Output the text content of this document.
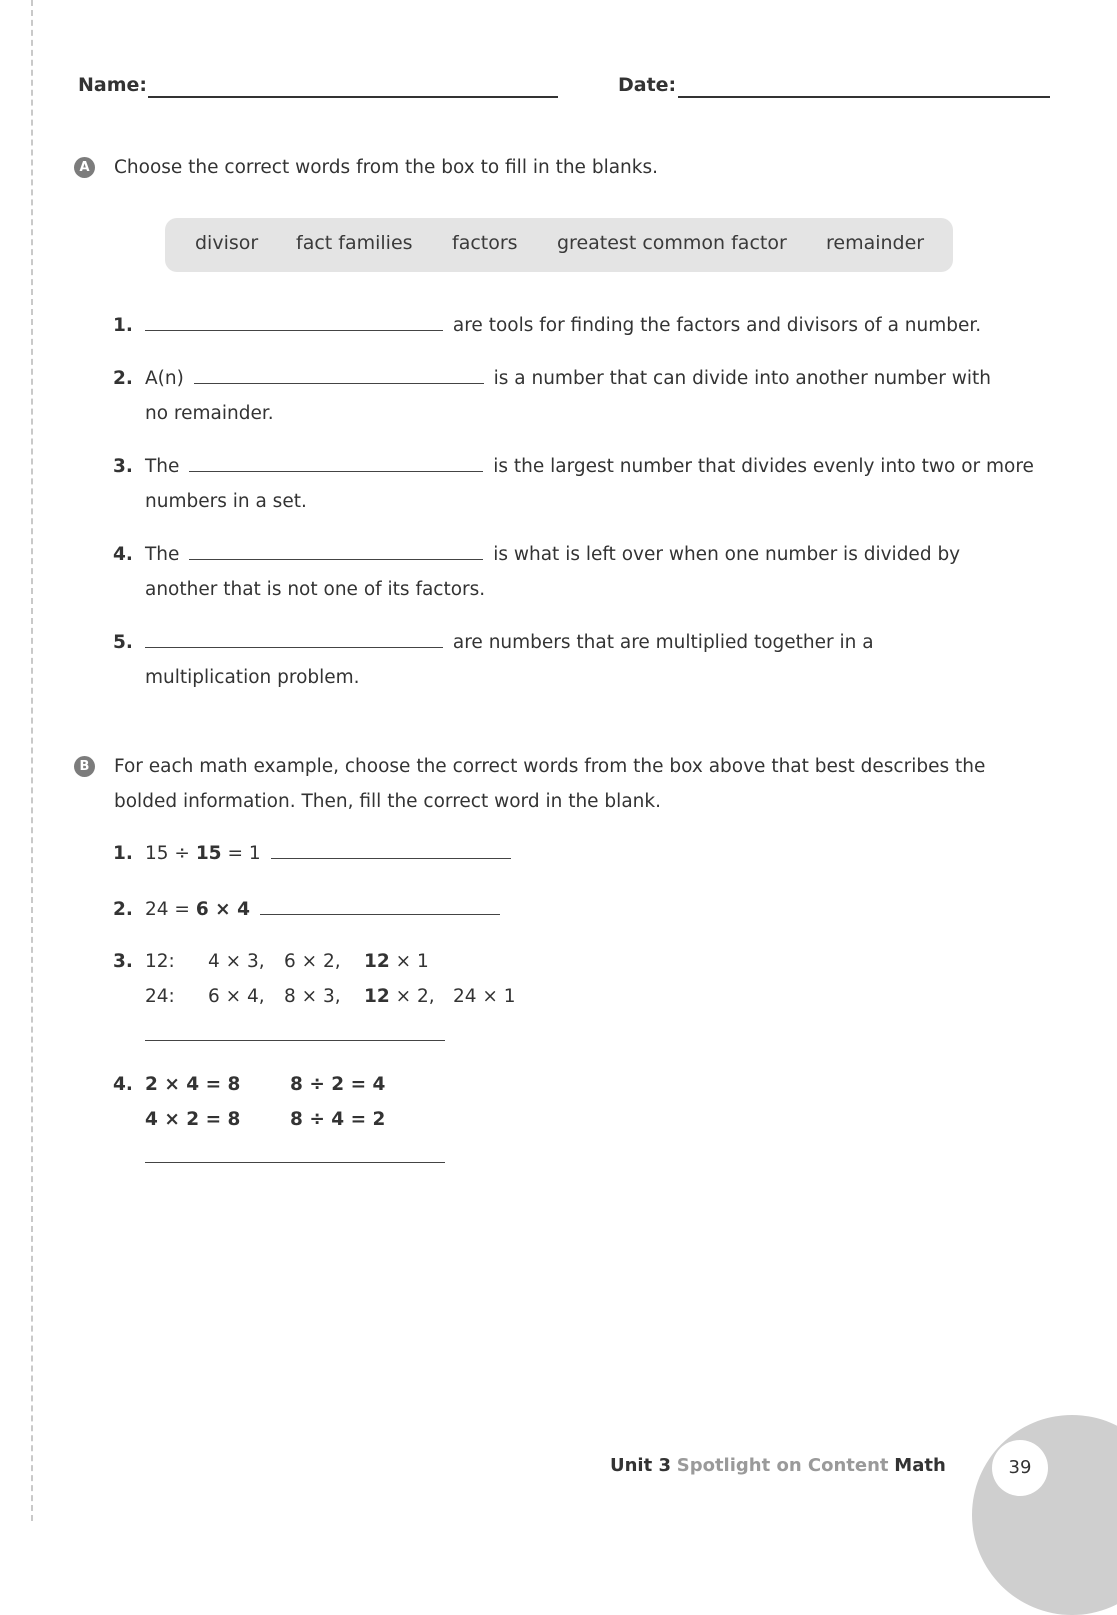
Name:	Date:
A Choose the correct words from the box to fill in the blanks.
divisor fact families factors greatest common factor remainder
1.	are tools for finding the factors and divisors of a number.
2. A(n)	is a number that can divide into another number with
no remainder.
3. The	is the largest number that divides evenly into two or more
numbers in a set.
4. The	is what is left over when one number is divided by
another that is not one of its factors.
5.	are numbers that are multiplied together in a
multiplication problem.
B For each math example, choose the correct words from the box above that best describes the
bolded information. Then, fill the correct word in the blank.
1. 15 ÷ 15 = 1
2. 24 = 6 × 4
3. 12: 4 × 3, 6 × 2, 12 × 1
24: 6 × 4, 8 × 3, 12 × 2, 24 × 1
4. 2 × 4 = 8	8 ÷ 2 = 4
4 × 2 = 8	8 ÷ 4 = 2
39
Unit 3 Spotlight on Content Math
